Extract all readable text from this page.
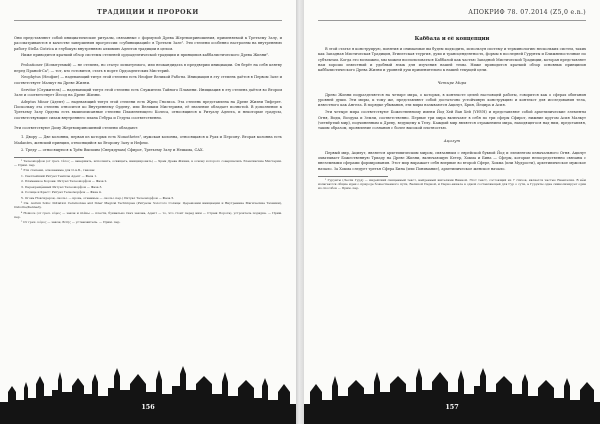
ТРАДИЦИИ И ПРОРОКИ

Они представляют собой инициатические ритуалы, связанные с формулой Древа Жертвоприношения, применяемой к Третьему Залу, и рассматриваются в качестве завершения прогрессии «субинициаций» в Третьем Зале¹. Эти степени особенно настроены на внутреннюю работу Stella Cistrica и глубокую внутреннюю алхимию Адептов традиции в целом.

Ниже приводится краткий обзор системы степеней ордоадептической традиции и принципов каббалистического Древа Жизни².

Probationer (Испытуемый) — не степень, но статус испытуемого, или неокандидата в преддверии инициации. Он берёт на себя клятву перед Праной-Са³, — тот, кто готовится, стать в порте Ордоадептских Мистерий.

Neophytus (Неофит) — надевающий титул этой степени есть Неофит Великой Работы. Инициация в эту степень даётся в Первом Зале и соответствует Малкут на Древе Жизни.

Servitor (Служитель) — надевающий титул этой степени есть Служитель Тайного Пламени. Инициация в эту степень даётся во Втором Зале и соответствует Йесод на Древе Жизни.

Adeptus Minor (Адепт) — надевающий титул этой степени есть Жрец Гнозиса. Эта степень представлена на Древе Жизни Тиферет. Поскольку эта степень относится ко Внутреннему Ордену, или Великим Мистериям, её значение обладает полнотой. В дополнение к Третьему Залу Ордена есть вышеописанные степени Пламенеющего Колеса, относящиеся к Ритуалу Адепта, и некоторые градусы, соответствующие силам внутреннего плана Гебура и Гедула соответственно.

Эти соответствуют Дому Жертвоприношений степени обладают:

1. Двору — Две колонны, первая из которых есть Nomothetes¹, мужская колонна, относящаяся к Руах и Персону. Вторая колонна есть Madantes, женский принцип, относящийся ко Второму Залу и Нефеш.

2. Треду — относящуюся к Трём Высшим (Сверхдухам) Сфирот, Третьему Залу и Нешама, САХ.

¹ Телеоморфон (от греч. τέλος — завершать, исполнять, освящать, инициировать) — Храм Древа Жизни, в основу которого совершались Элевсинские Мистерии. — Прим. пер.

² Эти степени, основанные для О.А.Б., таковы:

1. Светлейший Ритуал Темплы Адепт — Фаза 1.

2. Пламенное Корона: Ритуал Телеоморфон — Фаза 2.

3. Перекрещённый Ритуал Телеоморфон — Фаза 3.

4. Солнце и Крест: Ритуал Телеоморфон — Фаза 4.

5. Огонь Ноксидерон, «ноль» — кровь, огненные — «ноль» пер.) Ритуал Телеоморфон — Фаза 5.

³ См. Aurum Solis: Initiation Ceremonies and Inner Magical Techniques (Ритуалы Золотого Солнца: Церемонии инициации и Внутренние Магические Техники), Osborne/Kennedy.

⁴ Номосе (от греч. νόμος — закон и πλέκω — плести, буквально ткач закона, Адепт — то, что стоит перед ним — Страж Порога), устроитель порядка. — Прим. пер.

⁵ От греч. νόμος — закон, θετης — установитель. — Прим. пер.

156
АПОКРИФ 78. 07.2014 (Z5,0 e.n.)
Каббала и её концепции

В этой статье я конструирую, понятия и снимаемые вы будем подходить, используя систему и терминологию нескольких систем, таких как Западная Мистическая Традиция, Египетская теургия, духи и трансцендентность, формы в последней Гурунты и Ближневосточные по субъектам. Когда это возможно, мы можем воспользоваться Каббалой как частью Западной Мистической Традиции, которая представляет нам хорошо известный и удобный язык для изучения нашей темы. Ниже приводится краткий обзор основных принципов каббалистического Древа Жизни и уровней душ применительно к нашей текущей цели.

Четыре Мира

Древо Жизни подразделяется на четыре мира, о которых, в контексте целей настоящей работы, говорится как о сферах обитания уровней души. Эти миры, к тому же, представляют собой достаточно устойчивую конструкцию и контекст для исследования тела, известного как Ангела. В порядке убывания, эти миры называются Ацилут, Брия, Йецира и Асия.

Эти четыре мира соответствуют Божественному имени Йод Хей Вав Хей (YHVH) и представляют собой архетипические элементы Огня, Воды, Воздуха и Земли, соответственно. Первые три мира включают в себя по три сферы Сфирот, нижние кругом Асия Малкут (четвёртый мир), подчиненным к Древу, ведущему к Телу. Каждый мир является отражением мира, находящегося над ним, представляя, таким образом, проявление сознания с более высокой плотностью.

Ацилут

Первый мир, Ацилут, является архетипическим миром, связанным с еврейской буквой Йод и элементом изначального Огня. Ацилут охватывает Божественную Триаду на Древе Жизни, включающую Кетер, Хокма и Бина — Сферы, которые непосредственно связаны с внеземными сферами формирования. Этот мир выражает себя впервые во второй Сфере, Хокма (или Мудрости), архетипическое мужское начало. За Хокма следует третья Сфера Бина (или Понимание), архетипическое женское начало.

¹ Гурунты (Лесли Гурд) — индейский священный текст, найденный жителями Винной. Этот текст, состоящий из 7 стихов, является частью Евангелия. В нём излагаются общие идеи о природе божественного пути, Великой Первой, и Перво-начале в одной составляющей для Гур о сути, а Гурунты одна символизирует один из способов — Прим. пер.

157
